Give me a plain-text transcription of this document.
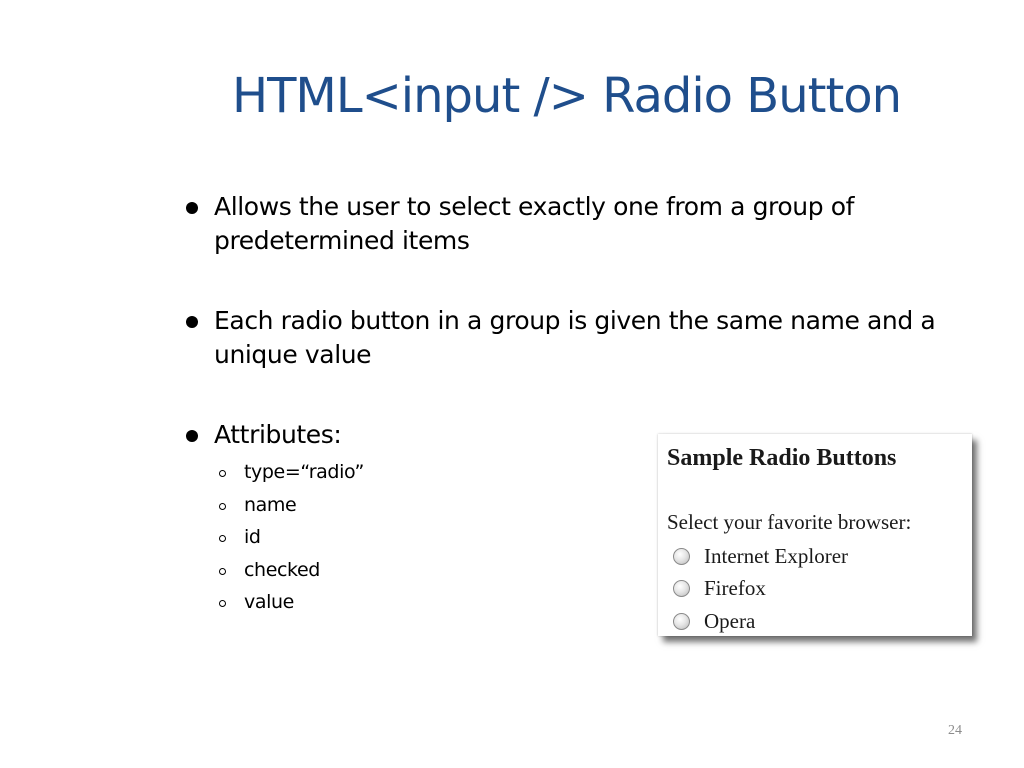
HTML<input /> Radio Button
Allows the user to select exactly one from a group of predetermined items
Each radio button in a group is given the same name and a unique value
Attributes:
type=“radio”
name
id
checked
value
Sample Radio Buttons
Select your favorite browser:
Internet Explorer
Firefox
Opera
24
